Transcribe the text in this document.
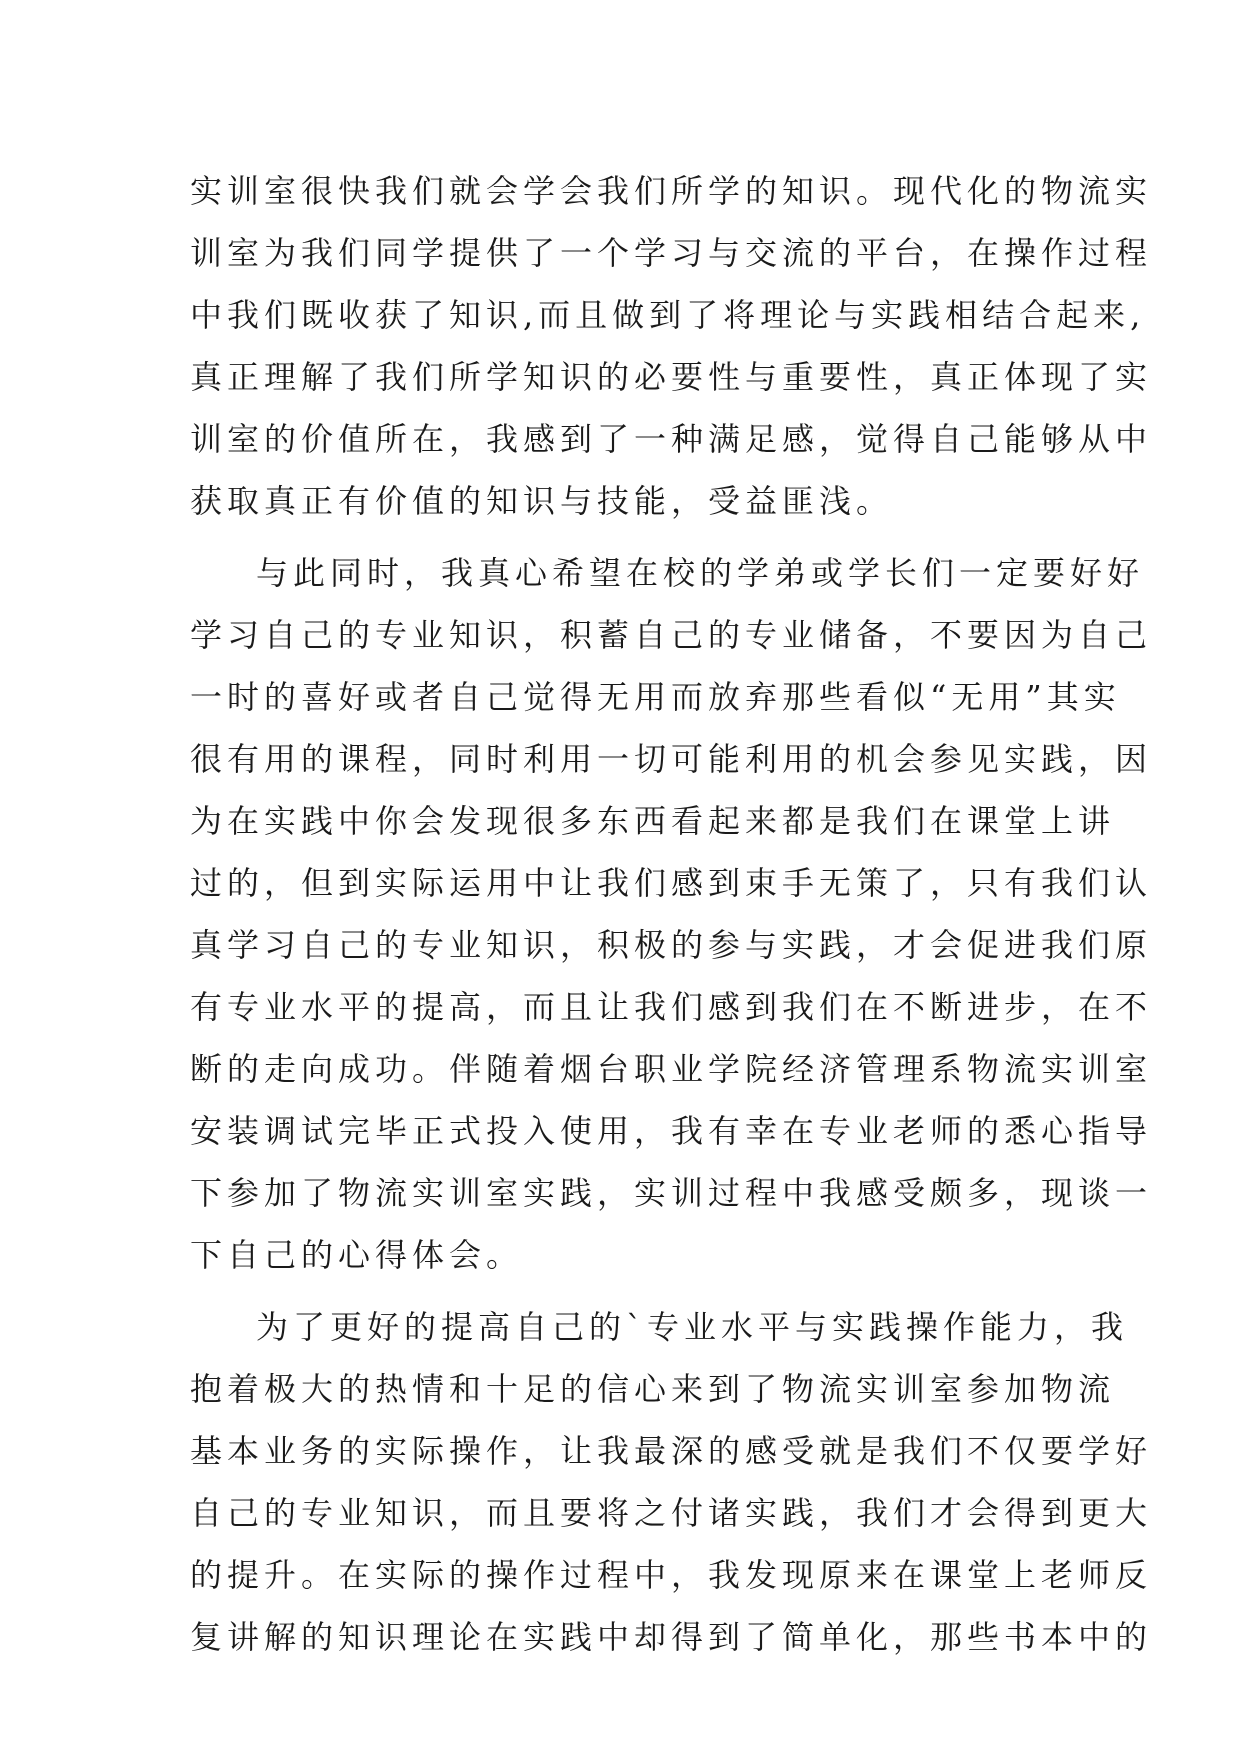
实训室很快我们就会学会我们所学的知识。现代化的物流实
训室为我们同学提供了一个学习与交流的平台，在操作过程
中我们既收获了知识,而且做到了将理论与实践相结合起来,
真正理解了我们所学知识的必要性与重要性，真正体现了实
训室的价值所在，我感到了一种满足感，觉得自己能够从中
获取真正有价值的知识与技能，受益匪浅。
与此同时，我真心希望在校的学弟或学长们一定要好好
学习自己的专业知识，积蓄自己的专业储备，不要因为自己
一时的喜好或者自己觉得无用而放弃那些看似“无用”其实
很有用的课程，同时利用一切可能利用的机会参见实践，因
为在实践中你会发现很多东西看起来都是我们在课堂上讲
过的，但到实际运用中让我们感到束手无策了，只有我们认
真学习自己的专业知识，积极的参与实践，才会促进我们原
有专业水平的提高，而且让我们感到我们在不断进步，在不
断的走向成功。伴随着烟台职业学院经济管理系物流实训室
安装调试完毕正式投入使用，我有幸在专业老师的悉心指导
下参加了物流实训室实践，实训过程中我感受颇多，现谈一
下自己的心得体会。
为了更好的提高自己的`专业水平与实践操作能力，我
抱着极大的热情和十足的信心来到了物流实训室参加物流
基本业务的实际操作，让我最深的感受就是我们不仅要学好
自己的专业知识，而且要将之付诸实践，我们才会得到更大
的提升。在实际的操作过程中，我发现原来在课堂上老师反
复讲解的知识理论在实践中却得到了简单化，那些书本中的
